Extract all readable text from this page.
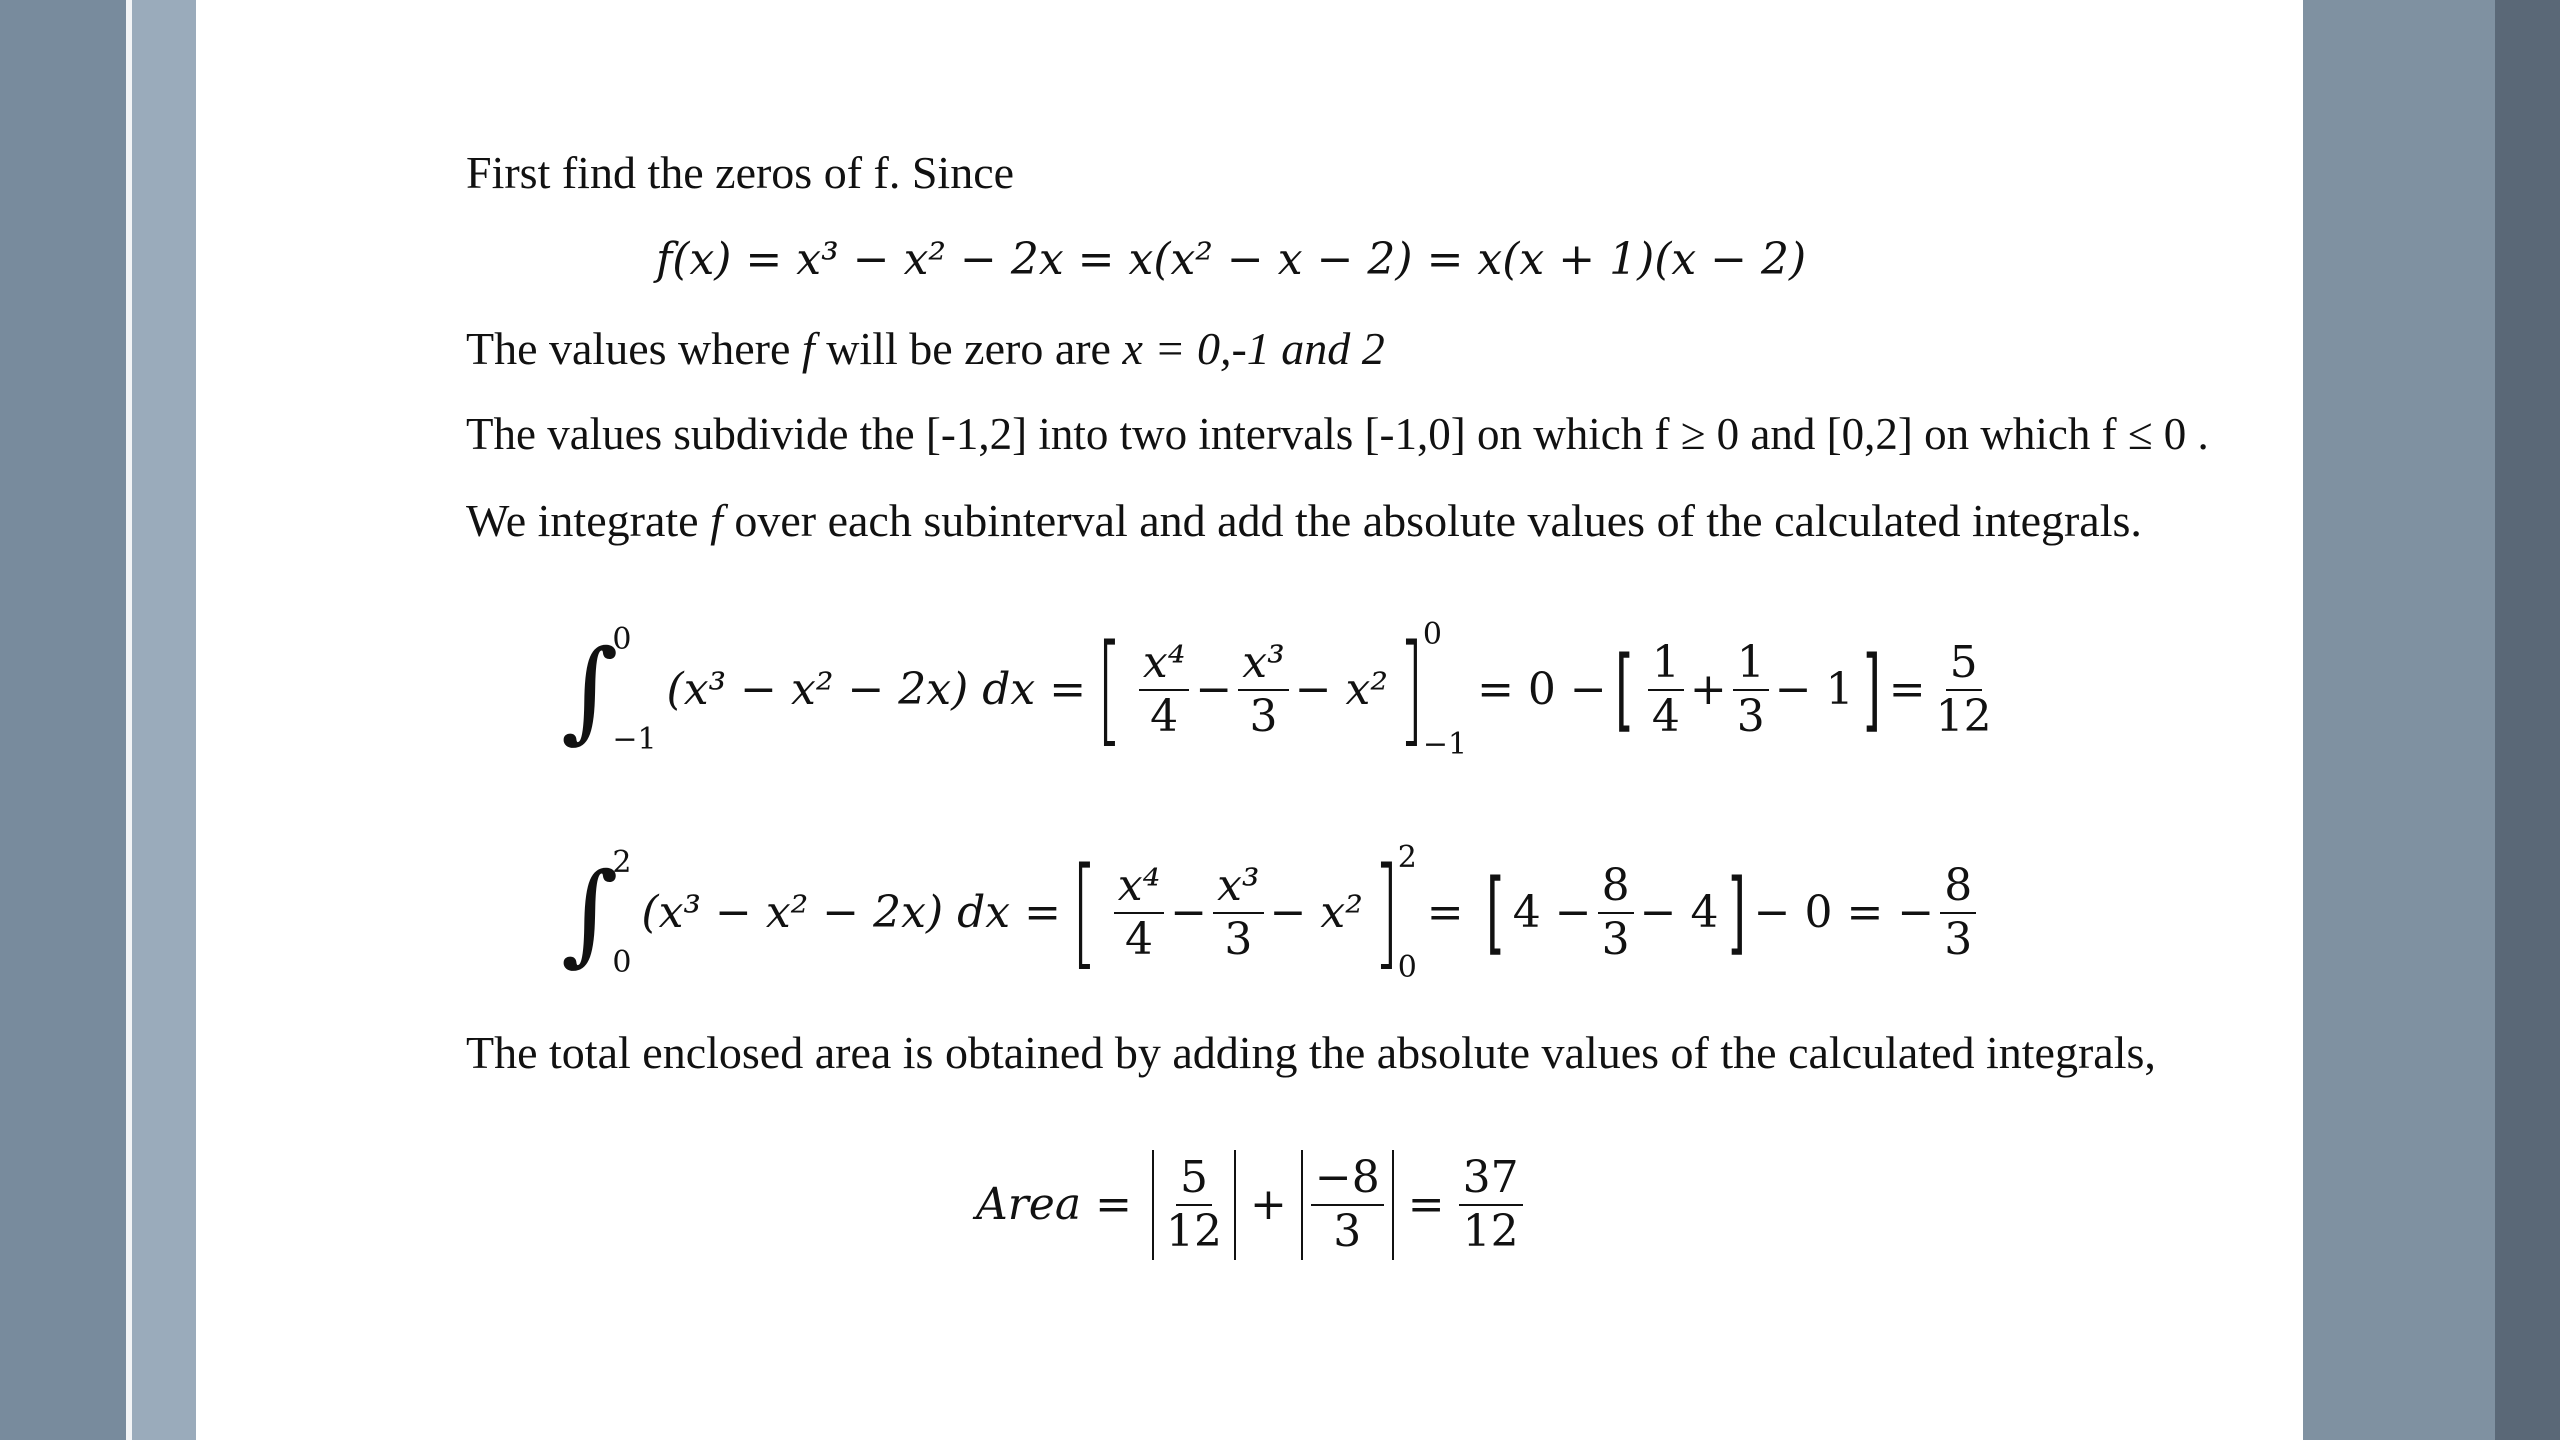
First find the zeros of f. Since
f(x) = x³ − x² − 2x = x(x² − x − 2) = x(x + 1)(x − 2)
The values where f will be zero are x = 0,-1 and 2
The values subdivide the [-1,2] into two intervals [-1,0] on which f ≥ 0 and [0,2] on which f ≤ 0 .
We integrate f over each subinterval and add the absolute values of the calculated integrals.
∫
0
−1
(x³ − x² − 2x) dx = [ $\frac{\text{x⁴}}{4} - \frac{\text{x³}}{3} - x^2$ ]
0
−1
= 0 − [ $\frac{1}{4} + \frac{1}{3} - 1$ ] = $\frac{5}{12}$
∫
2
0
(x³ − x² − 2x) dx = [ $\frac{\text{x⁴}}{4} - \frac{\text{x³}}{3} - x^2$ ]
2
0
= [ $4 - \frac{8}{3} - 4$ ] − 0 = − $\frac{8}{3}$
The total enclosed area is obtained by adding the absolute values of the calculated integrals,
Area = $\frac{5}{12} + \frac{-8}{3} = \frac{37}{12}$
